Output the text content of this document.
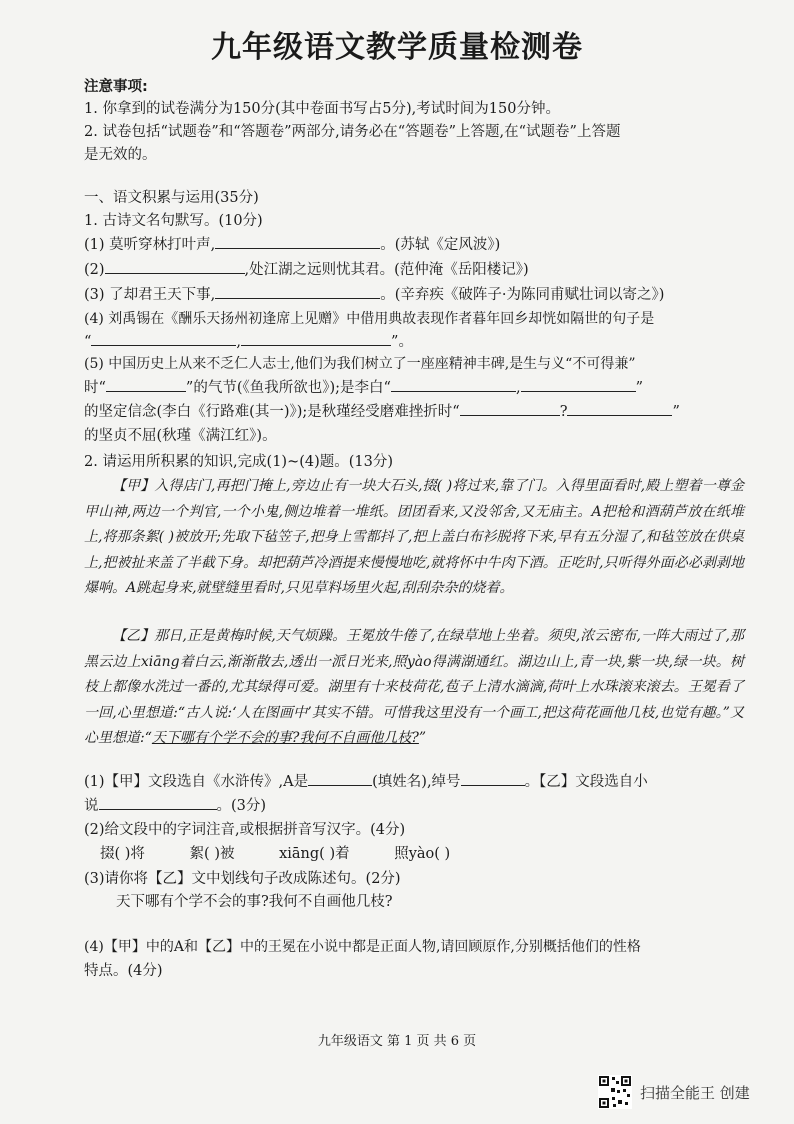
九年级语文教学质量检测卷
注意事项:
1. 你拿到的试卷满分为150分(其中卷面书写占5分),考试时间为150分钟。
2. 试卷包括“试题卷”和“答题卷”两部分,请务必在“答题卷”上答题,在“试题卷”上答题
是无效的。
一、语文积累与运用(35分)
1. 古诗文名句默写。(10分)
(1) 莫听穿林打叶声,	。(苏轼《定风波》)
(2)	,处江湖之远则忧其君。(范仲淹《岳阳楼记》)
(3) 了却君王天下事,	。(辛弃疾《破阵子·为陈同甫赋壮词以寄之》)
(4) 刘禹锡在《酬乐天扬州初逢席上见赠》中借用典故表现作者暮年回乡却恍如隔世的句子是
“	,	”。
(5) 中国历史上从来不乏仁人志士,他们为我们树立了一座座精神丰碑,是生与义“不可得兼”
时“	”的气节(《鱼我所欲也》);是李白“	,	”
的坚定信念(李白《行路难(其一)》);是秋瑾经受磨难挫折时“	?	”
的坚贞不屈(秋瑾《满江红》)。
2. 请运用所积累的知识,完成(1)~(4)题。(13分)

【甲】入得店门,再把门掩上,旁边止有一块大石头,掇( )将过来,靠了门。入得里面看时,殿上塑着一尊金甲山神,两边一个判官,一个小鬼,侧边堆着一堆纸。团团看来,又没邻舍,又无庙主。A把枪和酒葫芦放在纸堆上,将那条絮( )被放开;先取下毡笠子,把身上雪都抖了,把上盖白布衫脱将下来,早有五分湿了,和毡笠放在供桌上,把被扯来盖了半截下身。却把葫芦冷酒提来慢慢地吃,就将怀中牛肉下酒。正吃时,只听得外面必必剥剥地爆响。A跳起身来,就壁缝里看时,只见草料场里火起,刮刮杂杂的烧着。

【乙】那日,正是黄梅时候,天气烦躁。王冕放牛倦了,在绿草地上坐着。须臾,浓云密布,一阵大雨过了,那黑云边上xiāng着白云,渐渐散去,透出一派日光来,照yào得满湖通红。湖边山上,青一块,紫一块,绿一块。树枝上都像水洗过一番的,尤其绿得可爱。湖里有十来枝荷花,苞子上清水滴滴,荷叶上水珠滚来滚去。王冕看了一回,心里想道:“古人说:‘人在图画中’其实不错。可惜我这里没有一个画工,把这荷花画他几枝,也觉有趣。”又心里想道:“天下哪有个学不会的事?我何不自画他几枝?”

(1)【甲】文段选自《水浒传》,A是	(填姓名),绰号	。【乙】文段选自小
说	。(3分)
(2)给文段中的字词注音,或根据拼音写汉字。(4分)
掇( )将	絮( )被	xiāng( )着	照yào( )
(3)请你将【乙】文中划线句子改成陈述句。(2分)
天下哪有个学不会的事?我何不自画他几枝?
(4)【甲】中的A和【乙】中的王冕在小说中都是正面人物,请回顾原作,分别概括他们的性格
特点。(4分)
九年级语文 第 1 页 共 6 页
扫描全能王 创建
